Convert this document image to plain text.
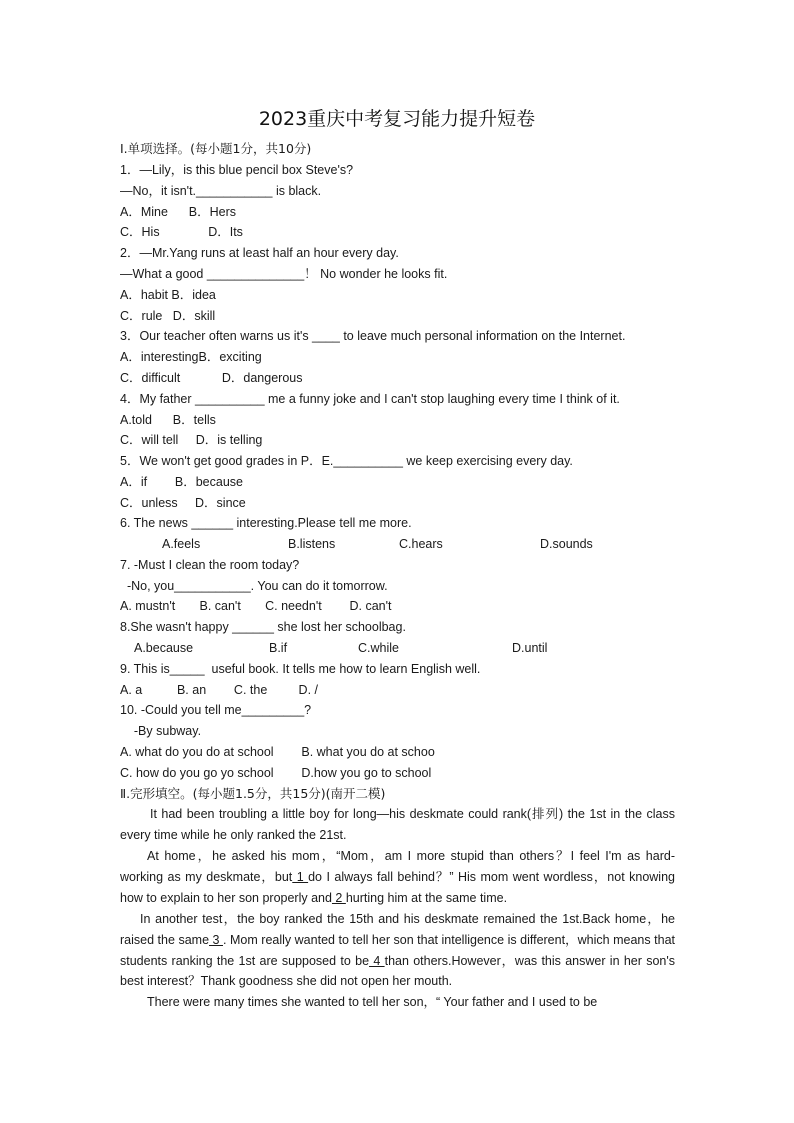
2023重庆中考复习能力提升短卷
Ⅰ.单项选择。(每小题1分，共10分)
1．—Lily，is this blue pencil box Steve's?
—No，it isn't.___________ is black.
A．Mine      B．Hers
C．His              D．Its
2．—Mr.Yang runs at least half an hour every day.
—What a good ______________！ No wonder he looks fit.
A．habit B．idea
C．rule   D．skill
3．Our teacher often warns us it's ____ to leave much personal information on the Internet.
A．interestingB．exciting
C．difficult            D．dangerous
4．My father __________ me a funny joke and I can't stop laughing every time I think of it.
A.told      B．tells
C．will tell     D．is telling
5．We won't get good grades in P．E.__________ we keep exercising every day.
A．if        B．because
C．unless     D．since
6. The news ______ interesting.Please tell me more.
A.feels	B.listens	C.hears	D.sounds
7. -Must I clean the room today?
-No, you___________. You can do it tomorrow.
A. mustn't       B. can't       C. needn't        D. can't
8.She wasn't happy ______ she lost her schoolbag.
A.because	B.if	C.while	D.until
9. This is_____  useful book. It tells me how to learn English well.
A. a          B. an        C. the         D. /
10. -Could you tell me_________?
-By subway.
A. what do you do at school        B. what you do at schoo
C. how do you go yo school        D.how you go to school
Ⅱ.完形填空。(每小题1.5分，共15分)(南开二模)
It had been troubling a little boy for long—his deskmate could rank(排列) the 1st in the class every time while he only ranked the 21st.
At home，he asked his mom，“Mom，am I more stupid than others？I feel I'm as hard-working as my deskmate，but 1 do I always fall behind？” His mom went wordless，not knowing how to explain to her son properly and 2 hurting him at the same time.
In another test，the boy ranked the 15th and his deskmate remained the 1st.Back home，he raised the same 3 . Mom really wanted to tell her son that intelligence is different，which means that students ranking the 1st are supposed to be 4 than others.However，was this answer in her son's best interest？Thank goodness she did not open her mouth.
There were many times she wanted to tell her son，“ Your father and I used to be
